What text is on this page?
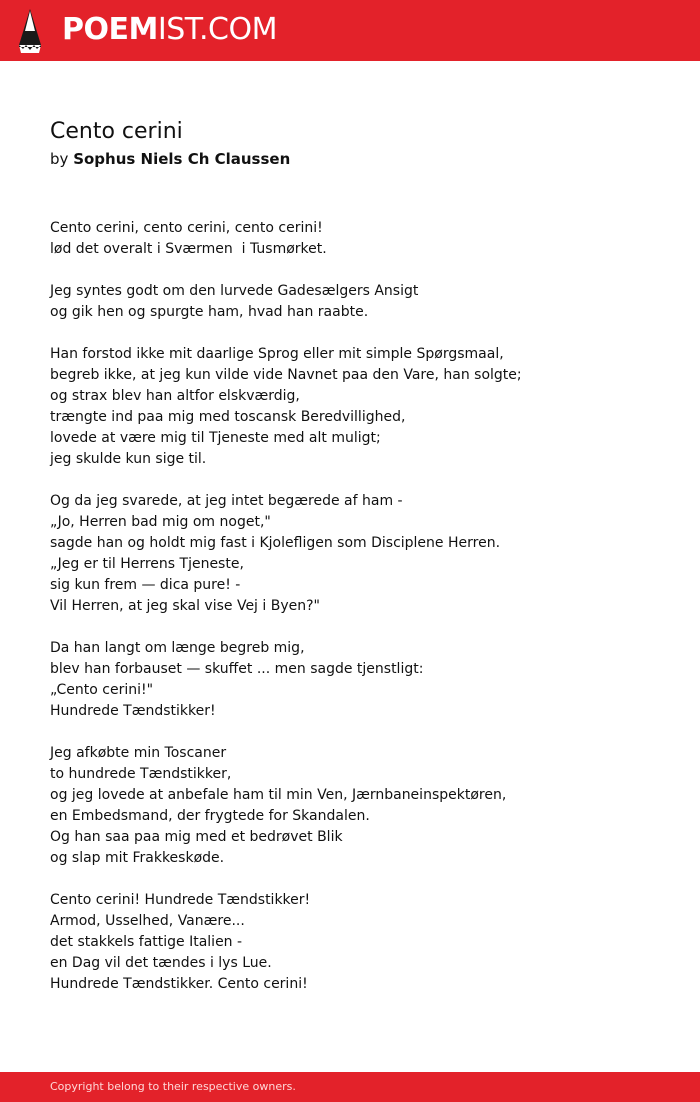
POEMIST.COM
Cento cerini
by Sophus Niels Ch Claussen
Cento cerini, cento cerini, cento cerini!
lød det overalt i Sværmen  i Tusmørket.
Jeg syntes godt om den lurvede Gadesælgers Ansigt
og gik hen og spurgte ham, hvad han raabte.
Han forstod ikke mit daarlige Sprog eller mit simple Spørgsmaal,
begreb ikke, at jeg kun vilde vide Navnet paa den Vare, han solgte;
og strax blev han altfor elskværdig,
trængte ind paa mig med toscansk Beredvillighed,
lovede at være mig til Tjeneste med alt muligt;
jeg skulde kun sige til.
Og da jeg svarede, at jeg intet begærede af ham -
„Jo, Herren bad mig om noget,"
sagde han og holdt mig fast i Kjolefligen som Disciplene Herren.
„Jeg er til Herrens Tjeneste,
sig kun frem — dica pure! -
Vil Herren, at jeg skal vise Vej i Byen?"
Da han langt om længe begreb mig,
blev han forbauset — skuffet ... men sagde tjenstligt:
„Cento cerini!"
Hundrede Tændstikker!
Jeg afkøbte min Toscaner
to hundrede Tændstikker,
og jeg lovede at anbefale ham til min Ven, Jærnbaneinspektøren,
en Embedsmand, der frygtede for Skandalen.
Og han saa paa mig med et bedrøvet Blik
og slap mit Frakkeskøde.
Cento cerini! Hundrede Tændstikker!
Armod, Usselhed, Vanære...
det stakkels fattige Italien -
en Dag vil det tændes i lys Lue.
Hundrede Tændstikker. Cento cerini!
Copyright belong to their respective owners.
